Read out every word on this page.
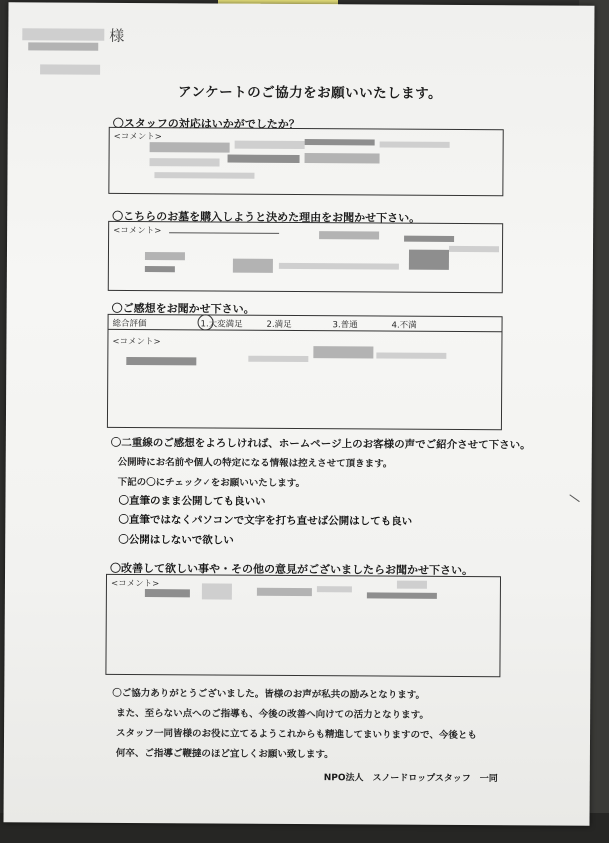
様
アンケートのご協力をお願いいたします。
〇スタッフの対応はいかがでしたか？
<コメント>
〇こちらのお墓を購入しようと決めた理由をお聞かせ下さい。
<コメント>
〇ご感想をお聞かせ下さい。
総合評価	1.大変満足	2.満足	3.普通	4.不満
<コメント>
〇二重線のご感想をよろしければ、ホームページ上のお客様の声でご紹介させて下さい。
公開時にお名前や個人の特定になる情報は控えさせて頂きます。
下記の〇にチェック✓をお願いいたします。
〇直筆のまま公開しても良いい
〇直筆ではなくパソコンで文字を打ち直せば公開はしても良い
〇公開はしないで欲しい
〇改善して欲しい事や・その他の意見がございましたらお聞かせ下さい。
<コメント>
〇ご協力ありがとうございました。皆様のお声が私共の励みとなります。
また、至らない点へのご指導も、今後の改善へ向けての活力となります。
スタッフ一同皆様のお役に立てるようこれからも精進してまいりますので、今後とも
何卒、ご指導ご鞭撻のほど宜しくお願い致します。
NPO法人　スノードロップスタッフ　一同
